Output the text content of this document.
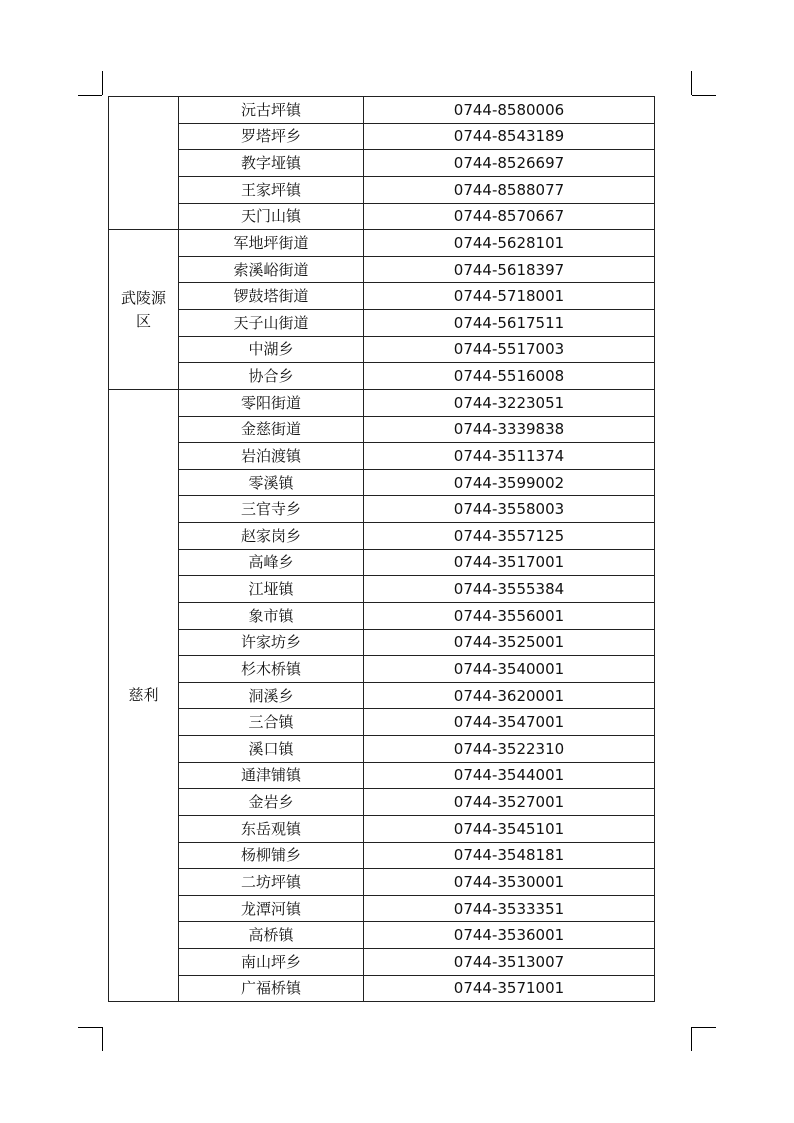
	沅古坪镇	0744-8580006
	罗塔坪乡	0744-8543189
	教字垭镇	0744-8526697
	王家坪镇	0744-8588077
	天门山镇	0744-8570667
武陵源区	军地坪街道	0744-5628101
	索溪峪街道	0744-5618397
	锣鼓塔街道	0744-5718001
	天子山街道	0744-5617511
	中湖乡	0744-5517003
	协合乡	0744-5516008
慈利	零阳街道	0744-3223051
	金慈街道	0744-3339838
	岩泊渡镇	0744-3511374
	零溪镇	0744-3599002
	三官寺乡	0744-3558003
	赵家岗乡	0744-3557125
	高峰乡	0744-3517001
	江垭镇	0744-3555384
	象市镇	0744-3556001
	许家坊乡	0744-3525001
	杉木桥镇	0744-3540001
	洞溪乡	0744-3620001
	三合镇	0744-3547001
	溪口镇	0744-3522310
	通津铺镇	0744-3544001
	金岩乡	0744-3527001
	东岳观镇	0744-3545101
	杨柳铺乡	0744-3548181
	二坊坪镇	0744-3530001
	龙潭河镇	0744-3533351
	高桥镇	0744-3536001
	南山坪乡	0744-3513007
	广福桥镇	0744-3571001
